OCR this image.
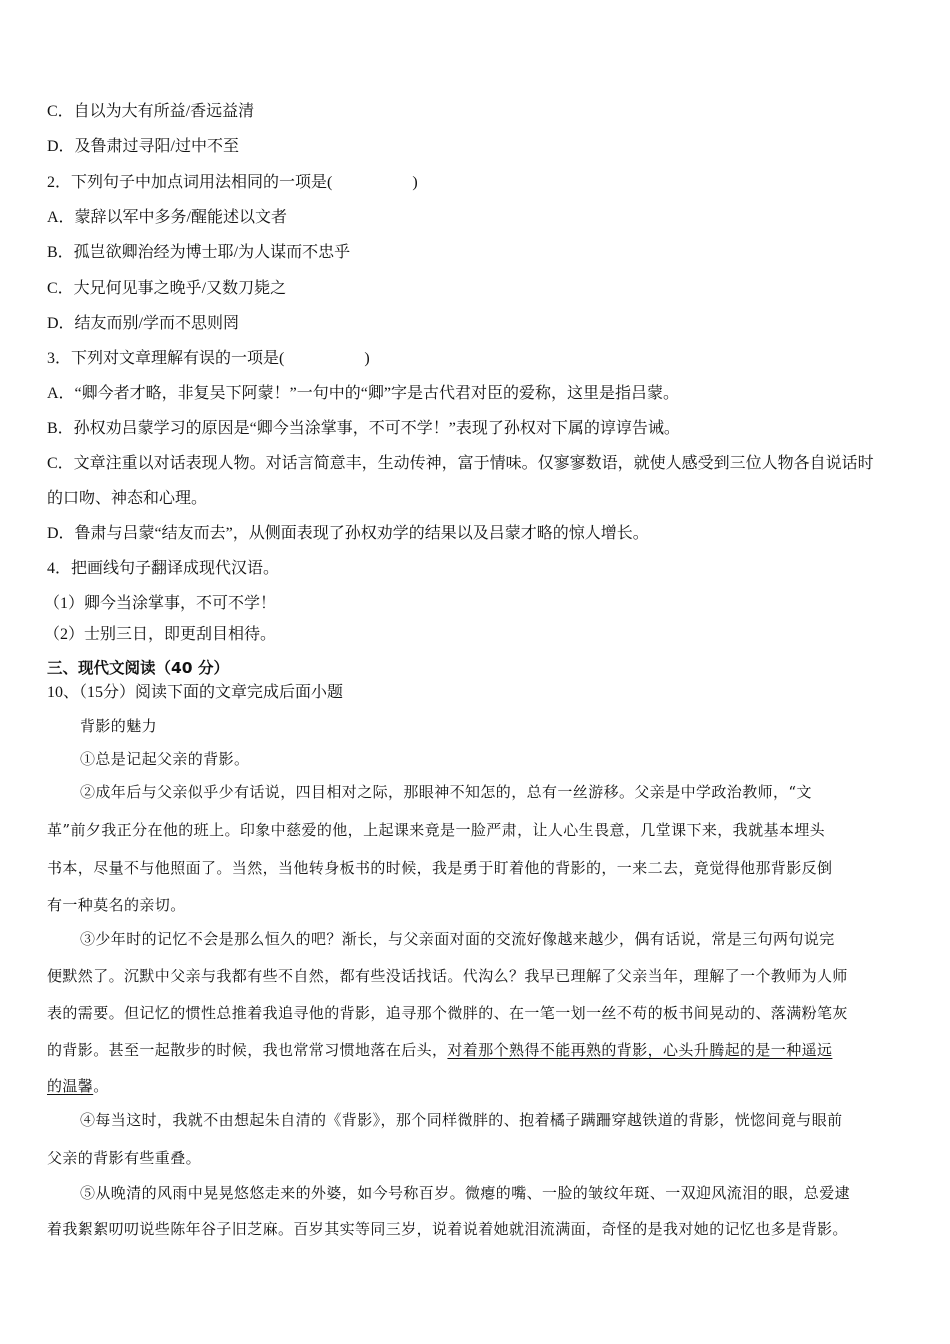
C．自以为大有所益/香远益清
D．及鲁肃过寻阳/过中不至
2．下列句子中加点词用法相同的一项是(　　　　　)
A．蒙辞以军中多务/醒能述以文者
B．孤岂欲卿治经为博士耶/为人谋而不忠乎
C．大兄何见事之晚乎/又数刀毙之
D．结友而别/学而不思则罔
3．下列对文章理解有误的一项是(　　　　　)
A．“卿今者才略，非复吴下阿蒙！”一句中的“卿”字是古代君对臣的爱称，这里是指吕蒙。
B．孙权劝吕蒙学习的原因是“卿今当涂掌事，不可不学！”表现了孙权对下属的谆谆告诫。
C．文章注重以对话表现人物。对话言简意丰，生动传神，富于情味。仅寥寥数语，就使人感受到三位人物各自说话时
的口吻、神态和心理。
D．鲁肃与吕蒙“结友而去”，从侧面表现了孙权劝学的结果以及吕蒙才略的惊人增长。
4．把画线句子翻译成现代汉语。
（1）卿今当涂掌事，不可不学！
（2）士别三日，即更刮目相待。
三、现代文阅读（40 分）
10、（15分）阅读下面的文章完成后面小题
背影的魅力
①总是记起父亲的背影。
②成年后与父亲似乎少有话说，四目相对之际，那眼神不知怎的，总有一丝游移。父亲是中学政治教师，“文
革”前夕我正分在他的班上。印象中慈爱的他，上起课来竟是一脸严肃，让人心生畏意，几堂课下来，我就基本埋头
书本，尽量不与他照面了。当然，当他转身板书的时候，我是勇于盯着他的背影的，一来二去，竟觉得他那背影反倒
有一种莫名的亲切。
③少年时的记忆不会是那么恒久的吧？渐长，与父亲面对面的交流好像越来越少，偶有话说，常是三句两句说完
便默然了。沉默中父亲与我都有些不自然，都有些没话找话。代沟么？我早已理解了父亲当年，理解了一个教师为人师
表的需要。但记忆的惯性总推着我追寻他的背影，追寻那个微胖的、在一笔一划一丝不苟的板书间晃动的、落满粉笔灰
的背影。甚至一起散步的时候，我也常常习惯地落在后头，对着那个熟得不能再熟的背影，心头升腾起的是一种遥远
的温馨。
④每当这时，我就不由想起朱自清的《背影》，那个同样微胖的、抱着橘子蹒跚穿越铁道的背影，恍惚间竟与眼前
父亲的背影有些重叠。
⑤从晚清的风雨中晃晃悠悠走来的外婆，如今号称百岁。微瘪的嘴、一脸的皱纹年斑、一双迎风流泪的眼，总爱逮
着我絮絮叨叨说些陈年谷子旧芝麻。百岁其实等同三岁，说着说着她就泪流满面，奇怪的是我对她的记忆也多是背影。
